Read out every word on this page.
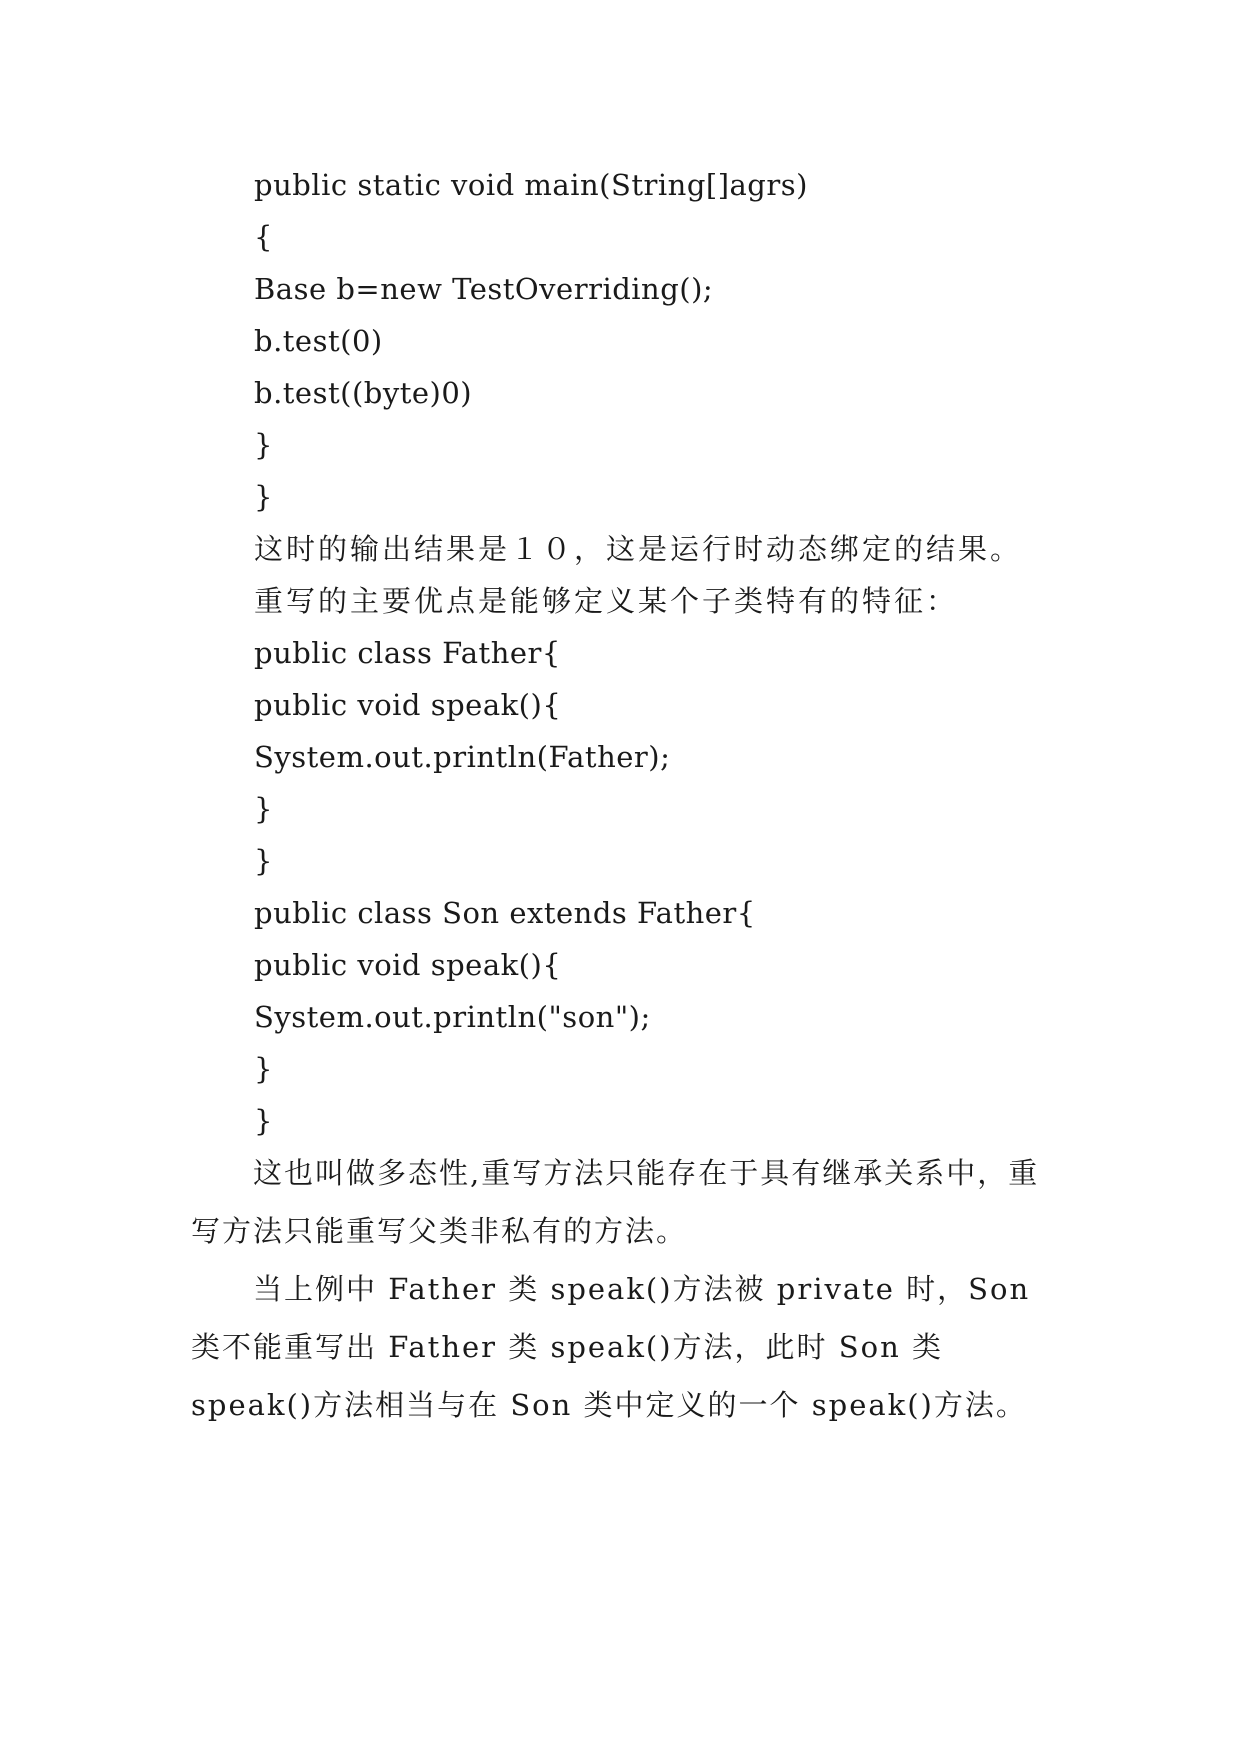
public static void main(String[]agrs)
{
Base b=new TestOverriding();
b.test(0)
b.test((byte)0)
}
}
这时的输出结果是１０，这是运行时动态绑定的结果。
重写的主要优点是能够定义某个子类特有的特征：
public class Father{
public void speak(){
System.out.println(Father);
}
}
public class Son extends Father{
public void speak(){
System.out.println("son");
}
}
这也叫做多态性,重写方法只能存在于具有继承关系中，重写方法只能重写父类非私有的方法。
当上例中 Father 类 speak()方法被 private 时，Son 类不能重写出 Father 类 speak()方法，此时 Son 类 speak()方法相当与在 Son 类中定义的一个 speak()方法。
